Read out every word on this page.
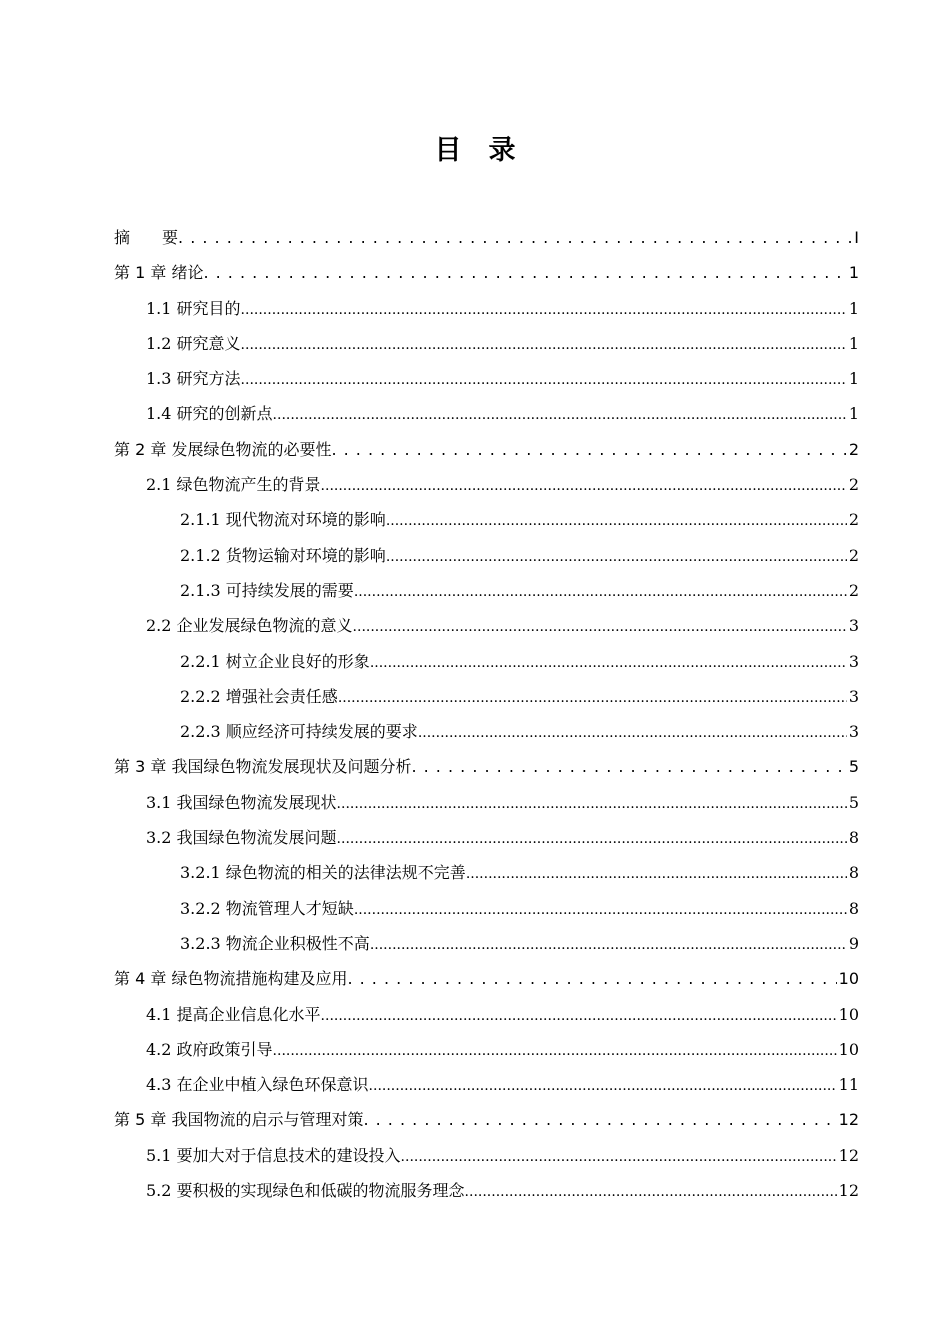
目　录
摘　　要 . . .	I
第 1 章 绪论 . . .	1
1.1 研究目的 .....	1
1.2 研究意义 .....	1
1.3 研究方法 .....	1
1.4 研究的创新点 .....	1
第 2 章 发展绿色物流的必要性 . . .	2
2.1 绿色物流产生的背景 .....	2
2.1.1 现代物流对环境的影响 .....	2
2.1.2 货物运输对环境的影响 .....	2
2.1.3 可持续发展的需要 .....	2
2.2 企业发展绿色物流的意义 .....	3
2.2.1 树立企业良好的形象 .....	3
2.2.2 增强社会责任感 .....	3
2.2.3 顺应经济可持续发展的要求 .....	3
第 3 章 我国绿色物流发展现状及问题分析 . . .	5
3.1 我国绿色物流发展现状 .....	5
3.2 我国绿色物流发展问题 .....	8
3.2.1 绿色物流的相关的法律法规不完善 .....	8
3.2.2 物流管理人才短缺 .....	8
3.2.3 物流企业积极性不高 .....	9
第 4 章 绿色物流措施构建及应用 . . .	10
4.1 提高企业信息化水平 .....	10
4.2 政府政策引导 .....	10
4.3 在企业中植入绿色环保意识 .....	11
第 5 章 我国物流的启示与管理对策 . . .	12
5.1 要加大对于信息技术的建设投入 .....	12
5.2 要积极的实现绿色和低碳的物流服务理念 .....	12
